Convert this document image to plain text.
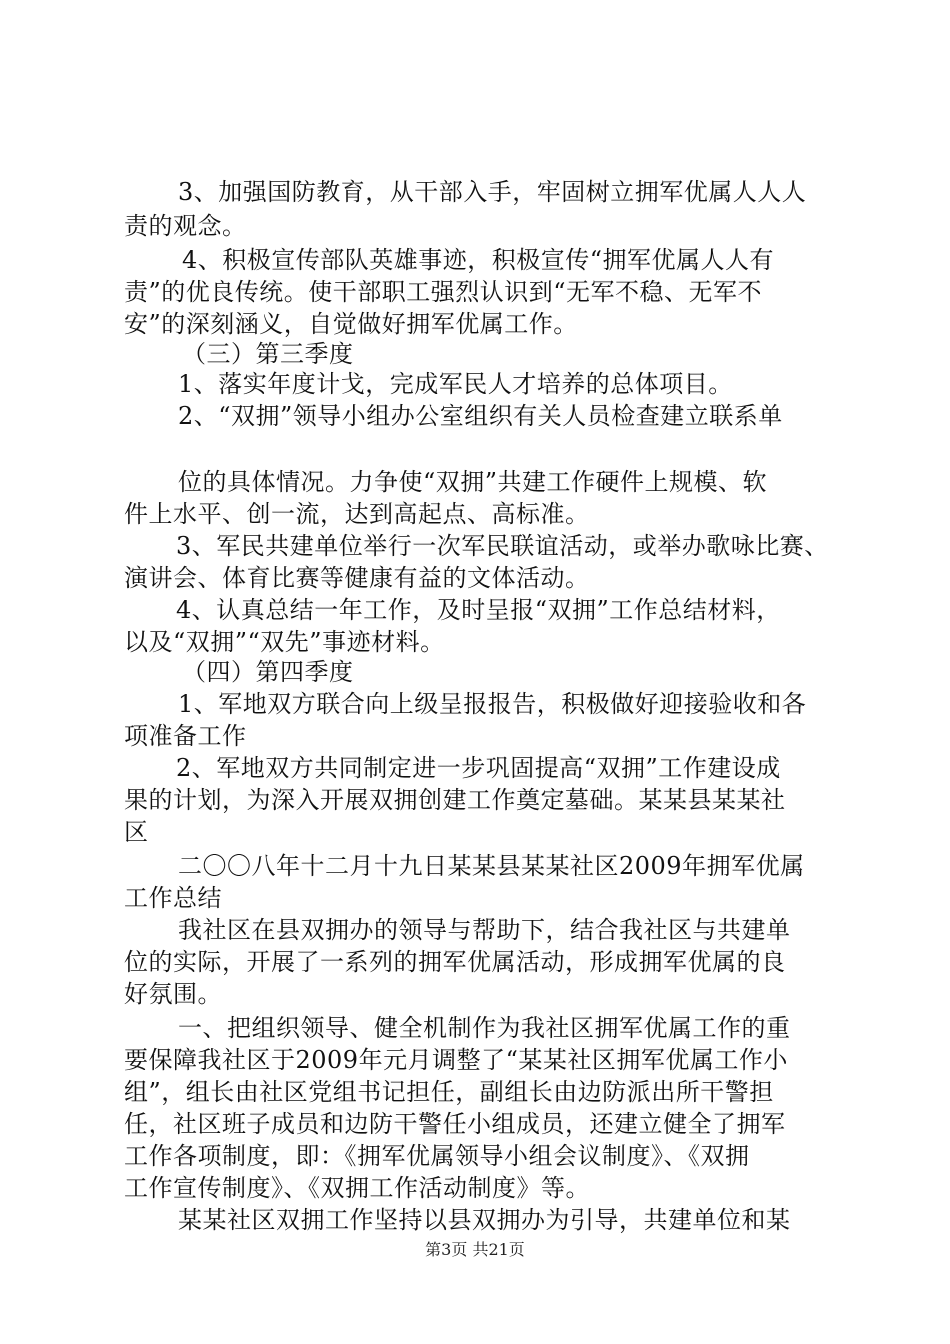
3、加强国防教育，从干部入手，牢固树立拥军优属人人人
责的观念。
4、积极宣传部队英雄事迹，积极宣传“拥军优属人人有
责”的优良传统。使干部职工强烈认识到“无军不稳、无军不
安”的深刻涵义，自觉做好拥军优属工作。
（三）第三季度
1、落实年度计戈，完成军民人才培养的总体项目。
2、“双拥”领导小组办公室组织有关人员检查建立联系单
位的具体情况。力争使“双拥”共建工作硬件上规模、软
件上水平、创一流，达到高起点、高标准。
3、军民共建单位举行一次军民联谊活动，或举办歌咏比赛、
演讲会、体育比赛等健康有益的文体活动。
4、认真总结一年工作，及时呈报“双拥”工作总结材料，
以及“双拥”“双先”事迹材料。
（四）第四季度
1、军地双方联合向上级呈报报告，积极做好迎接验收和各
项准备工作
2、军地双方共同制定进一步巩固提高“双拥”工作建设成
果的计划，为深入开展双拥创建工作奠定墓础。某某县某某社
区
二〇〇八年十二月十九日某某县某某社区2009年拥军优属
工作总结
我社区在县双拥办的领导与帮助下，结合我社区与共建单
位的实际，开展了一系列的拥军优属活动，形成拥军优属的良
好氛围。
一、把组织领导、健全机制作为我社区拥军优属工作的重
要保障我社区于2009年元月调整了“某某社区拥军优属工作小
组”，组长由社区党组书记担任，副组长由边防派出所干警担
任，社区班子成员和边防干警任小组成员，还建立健全了拥军
工作各项制度，即：《拥军优属领导小组会议制度》、《双拥
工作宣传制度》、《双拥工作活动制度》等。
某某社区双拥工作坚持以县双拥办为引导，共建单位和某
第3页 共21页
